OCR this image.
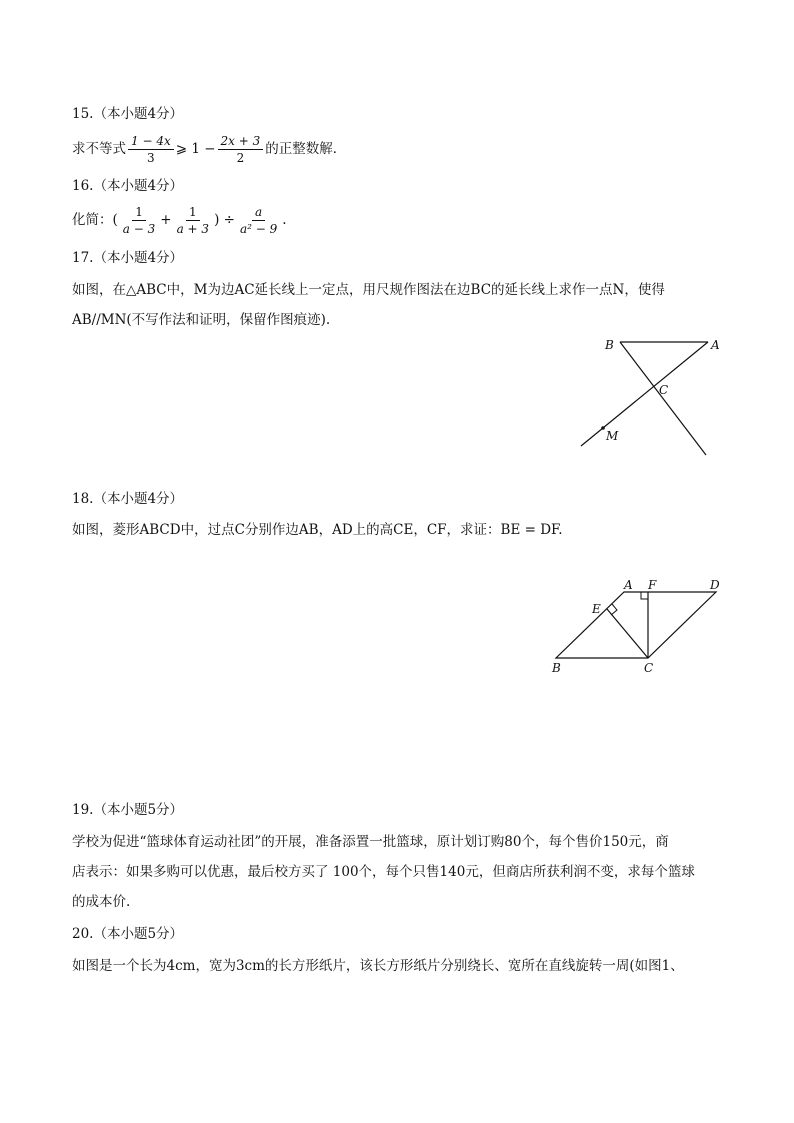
15.（本小题4分）
求不等式 $\frac{1 - 4x}{3}$ ⩾ $1 - \frac{2x + 3}{2}$ 的正整数解．
16.（本小题4分）
化简：( $\frac{1}{a - 3} + \frac{1}{a + 3}$ ) ÷ $\frac{a}{\text{a² − 9}}$ .
17.（本小题4分）
如图，在△ABC中，M为边AC延长线上一定点，用尺规作图法在边BC的延长线上求作一点N，使得
AB//MN(不写作法和证明，保留作图痕迹).
B	A
C
M
18.（本小题4分）
如图，菱形ABCD中，过点C分别作边AB，AD上的高CE，CF，求证：BE = DF.
A F	D
E
B	C
19.（本小题5分）
学校为促进“篮球体育运动社团”的开展，准备添置一批篮球，原计划订购80个，每个售价150元，商
店表示：如果多购可以优惠，最后校方买了 100个，每个只售140元，但商店所获利润不变，求每个篮球
的成本价.
20.（本小题5分）
如图是一个长为4cm，宽为3cm的长方形纸片，该长方形纸片分别绕长、宽所在直线旋转一周(如图1、
